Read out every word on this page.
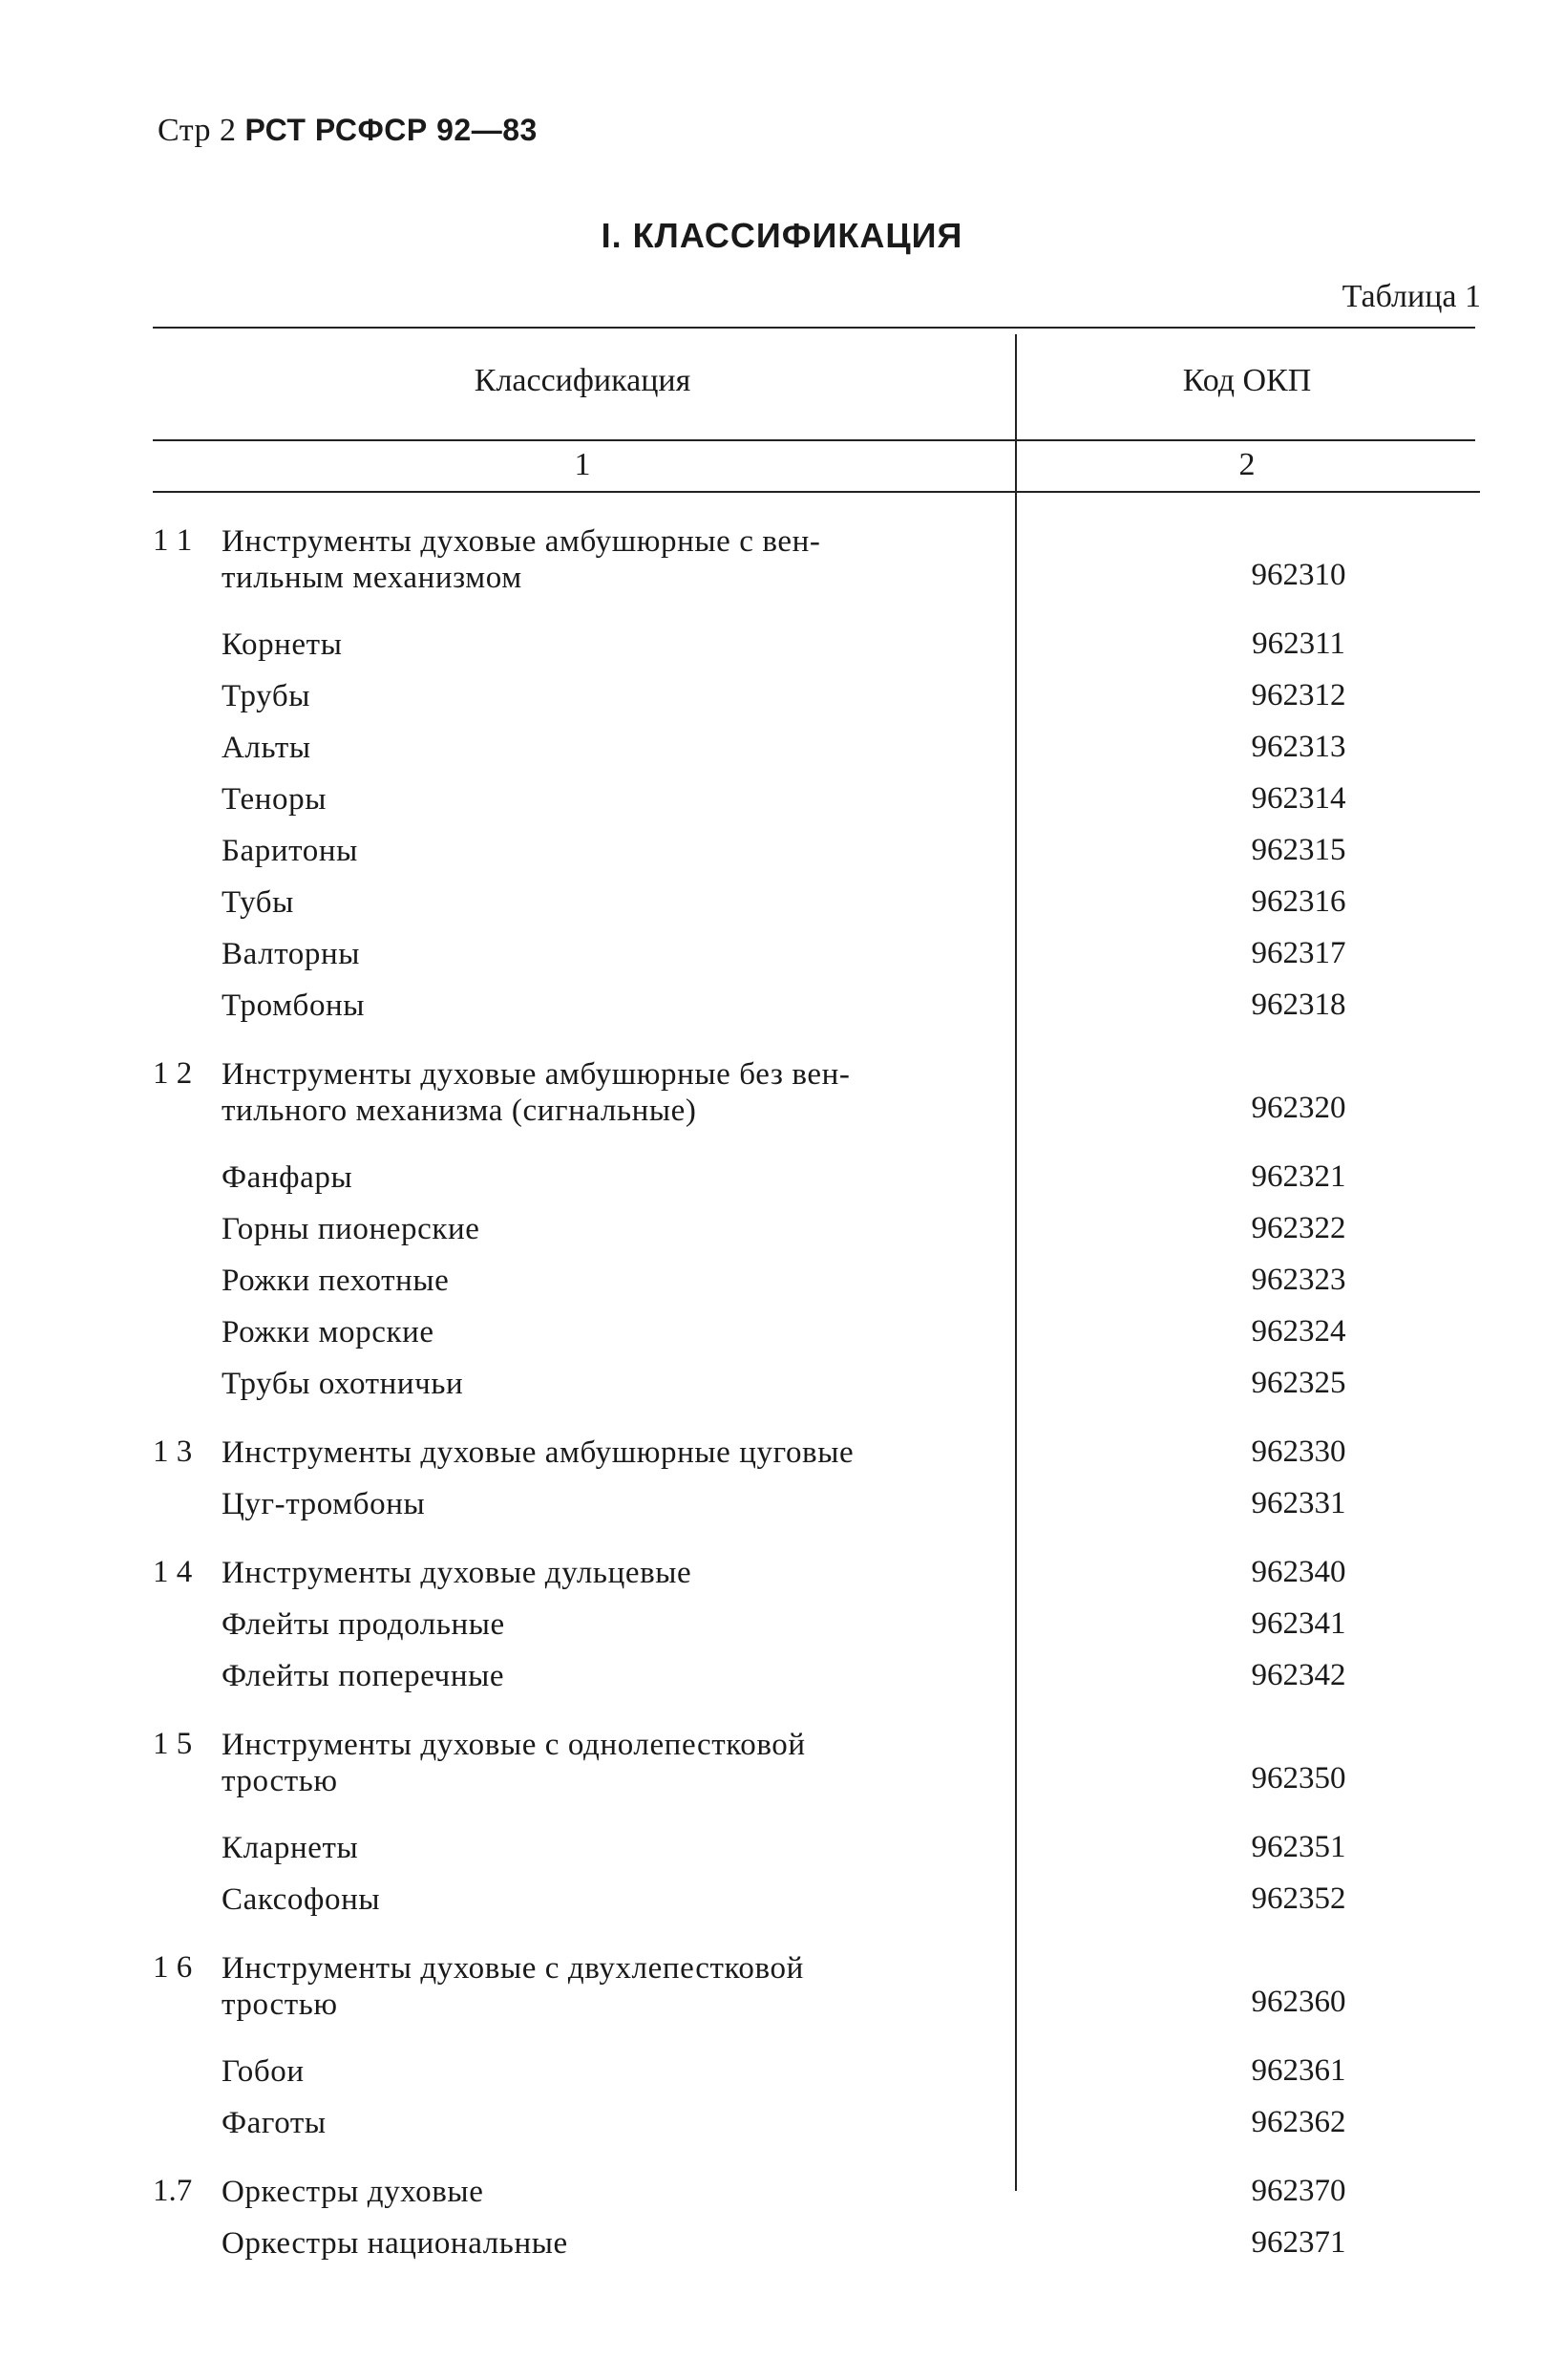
Стр 2 РСТ РСФСР 92—83
I. КЛАССИФИКАЦИЯ
Таблица 1
Классификация	Код ОКП
1	2
1 1 Инструменты духовые амбушюрные с вен-
тильным механизмом	962310
Корнеты	962311
Трубы	962312
Альты	962313
Теноры	962314
Баритоны	962315
Тубы	962316
Валторны	962317
Тромбоны	962318
1 2 Инструменты духовые амбушюрные без вен-
тильного механизма (сигнальные)	962320
Фанфары	962321
Горны пионерские	962322
Рожки пехотные	962323
Рожки морские	962324
Трубы охотничьи	962325
1 3 Инструменты духовые амбушюрные цуговые	962330
Цуг-тромбоны	962331
1 4 Инструменты духовые дульцевые	962340
Флейты продольные	962341
Флейты поперечные	962342
1 5 Инструменты духовые с однолепестковой
тростью	962350
Кларнеты	962351
Саксофоны	962352
1 6 Инструменты духовые с двухлепестковой
тростью	962360
Гобои	962361
Фаготы	962362
1.7 Оркестры духовые	962370
Оркестры национальные	962371
